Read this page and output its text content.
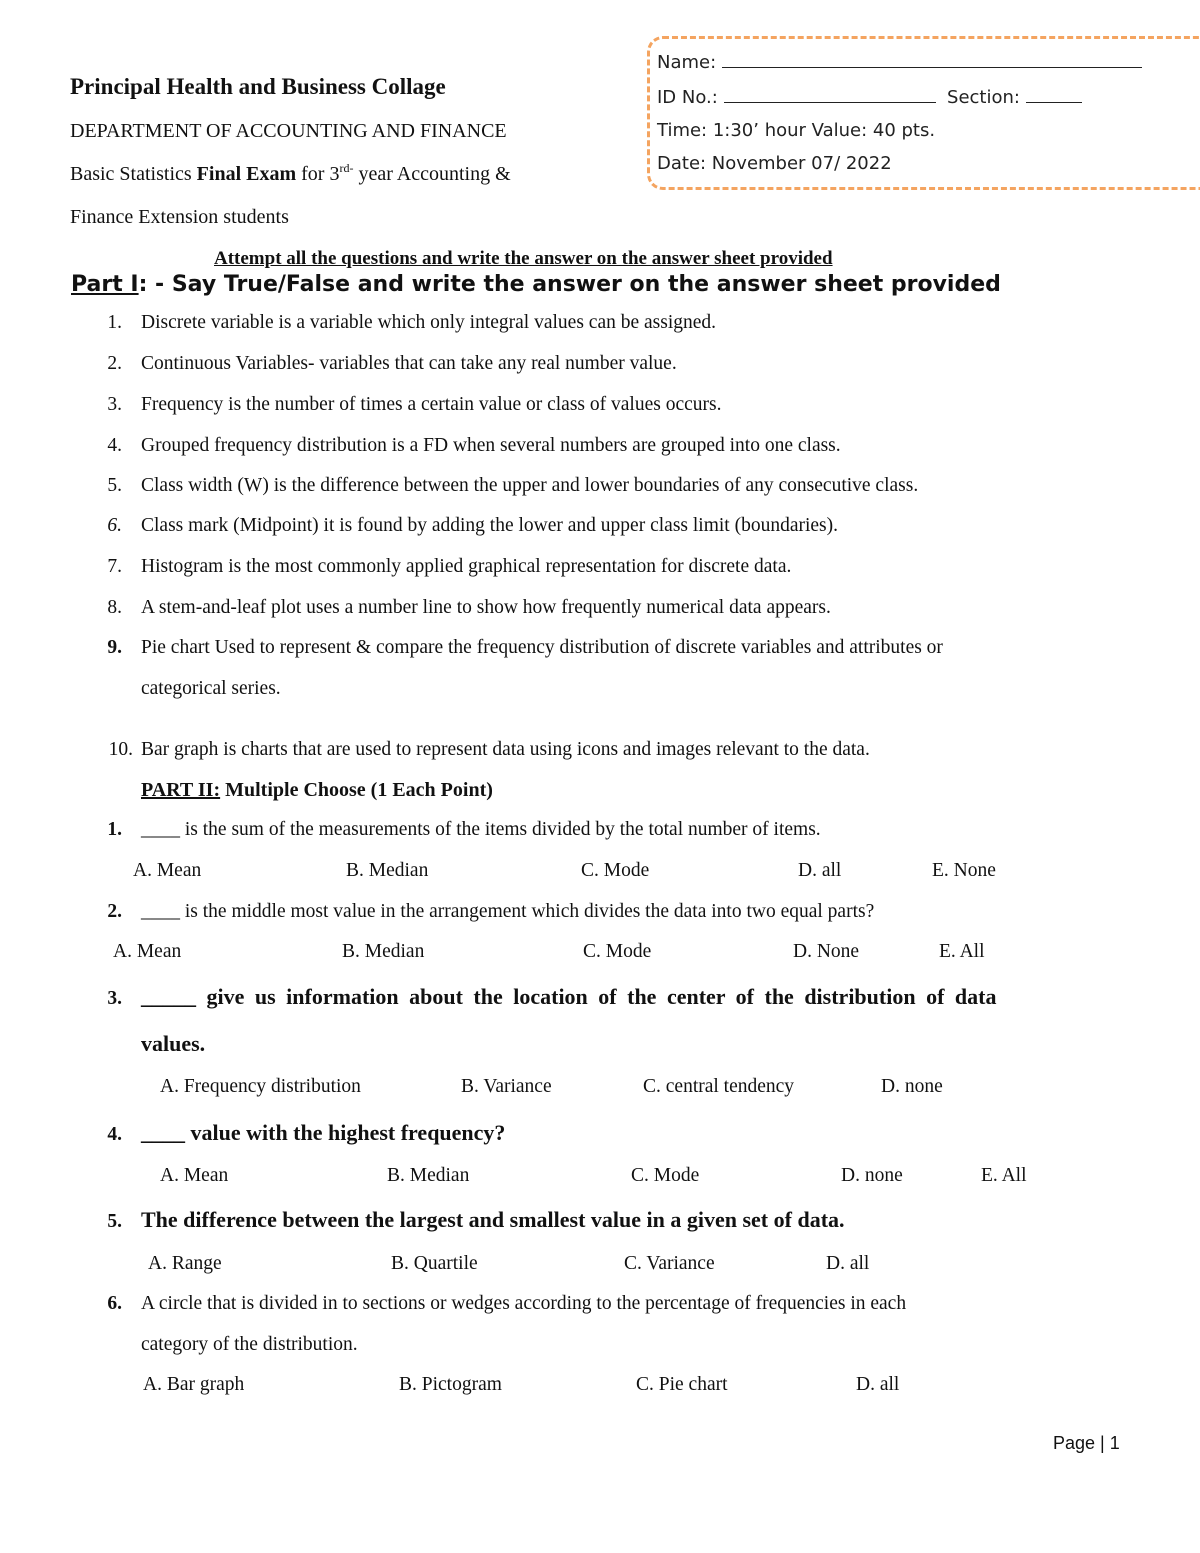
Principal Health and Business Collage
DEPARTMENT OF ACCOUNTING AND FINANCE
Basic Statistics Final Exam for $3^{rd-}$ year Accounting &
Finance Extension students
Name:
ID No.:	Section:
Time: 1:30’ hour Value: 40 pts.
Date: November 07/ 2022
Attempt all the questions and write the answer on the answer sheet provided
Part I: - Say True/False and write the answer on the answer sheet provided
1. Discrete variable is a variable which only integral values can be assigned.
2. Continuous Variables- variables that can take any real number value.
3. Frequency is the number of times a certain value or class of values occurs.
4. Grouped frequency distribution is a FD when several numbers are grouped into one class.
5. Class width (W) is the difference between the upper and lower boundaries of any consecutive class.
6. Class mark (Midpoint) it is found by adding the lower and upper class limit (boundaries).
7. Histogram is the most commonly applied graphical representation for discrete data.
8. A stem-and-leaf plot uses a number line to show how frequently numerical data appears.
9. Pie chart Used to represent & compare the frequency distribution of discrete variables and attributes or
categorical series.
10. Bar graph is charts that are used to represent data using icons and images relevant to the data.
PART II: Multiple Choose (1 Each Point)
1. ____ is the sum of the measurements of the items divided by the total number of items.
A. Mean	B. Median	C. Mode	D. all	E. None
2. ____ is the middle most value in the arrangement which divides the data into two equal parts?
A. Mean	B. Median	C. Mode	D. None	E. All
3. _____ give us information about the location of the center of the distribution of data
values.
A. Frequency distribution	B. Variance	C. central tendency	D. none
4. ____ value with the highest frequency?
A. Mean	B. Median	C. Mode	D. none	E. All
5. The difference between the largest and smallest value in a given set of data.
A. Range	B. Quartile	C. Variance	D. all
6. A circle that is divided in to sections or wedges according to the percentage of frequencies in each
category of the distribution.
A. Bar graph	B. Pictogram	C. Pie chart	D. all
Page | 1
